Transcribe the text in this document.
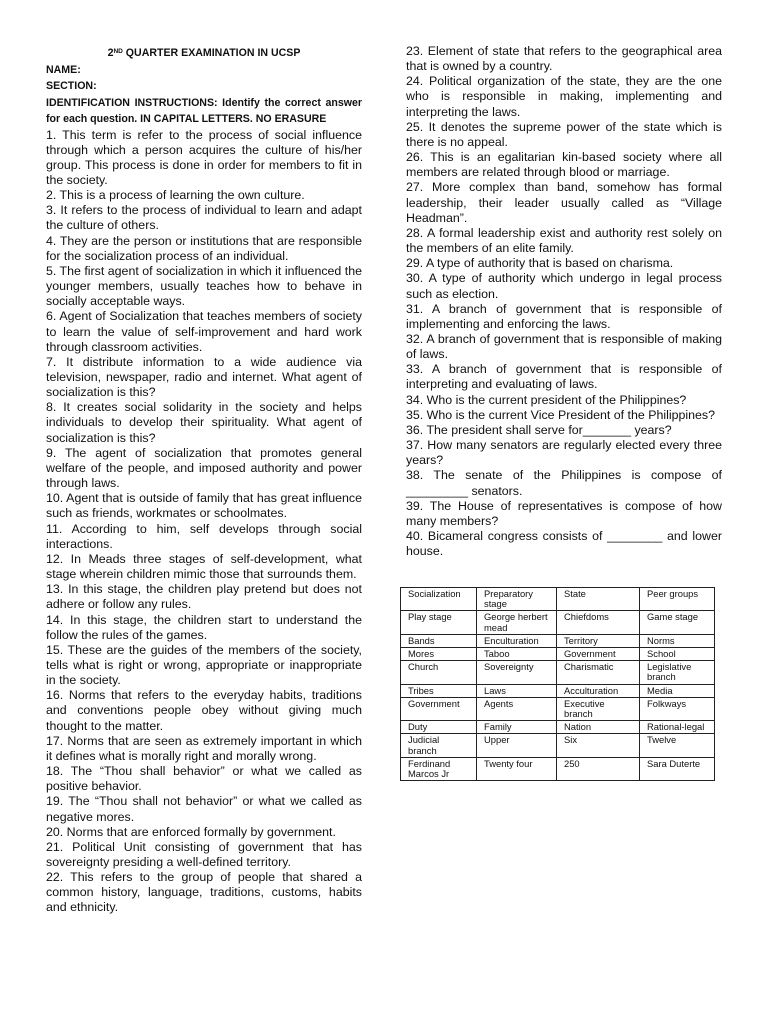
2ND QUARTER EXAMINATION IN UCSP
NAME:
SECTION:
IDENTIFICATION INSTRUCTIONS: Identify the correct answer for each question. IN CAPITAL LETTERS. NO ERASURE

1. This term is refer to the process of social influence through which a person acquires the culture of his/her group. This process is done in order for members to fit in the society.

2. This is a process of learning the own culture.

3. It refers to the process of individual to learn and adapt the culture of others.

4. They are the person or institutions that are responsible for the socialization process of an individual.

5. The first agent of socialization in which it influenced the younger members, usually teaches how to behave in socially acceptable ways.

6. Agent of Socialization that teaches members of society to learn the value of self-improvement and hard work through classroom activities.

7. It distribute information to a wide audience via television, newspaper, radio and internet. What agent of socialization is this?

8. It creates social solidarity in the society and helps individuals to develop their spirituality. What agent of socialization is this?

9. The agent of socialization that promotes general welfare of the people, and imposed authority and power through laws.

10. Agent that is outside of family that has great influence such as friends, workmates or schoolmates.

11. According to him, self develops through social interactions.

12. In Meads three stages of self-development, what stage wherein children mimic those that surrounds them.

13. In this stage, the children play pretend but does not adhere or follow any rules.

14. In this stage, the children start to understand the follow the rules of the games.

15. These are the guides of the members of the society, tells what is right or wrong, appropriate or inappropriate in the society.

16. Norms that refers to the everyday habits, traditions and conventions people obey without giving much thought to the matter.

17. Norms that are seen as extremely important in which it defines what is morally right and morally wrong.

18. The “Thou shall behavior” or what we called as positive behavior.

19. The “Thou shall not behavior” or what we called as negative mores.

20. Norms that are enforced formally by government.

21. Political Unit consisting of government that has sovereignty presiding a well-defined territory.

22. This refers to the group of people that shared a common history, language, traditions, customs, habits and ethnicity.

23. Element of state that refers to the geographical area that is owned by a country.

24. Political organization of the state, they are the one who is responsible in making, implementing and interpreting the laws.

25. It denotes the supreme power of the state which is there is no appeal.

26. This is an egalitarian kin-based society where all members are related through blood or marriage.

27. More complex than band, somehow has formal leadership, their leader usually called as “Village Headman”.

28. A formal leadership exist and authority rest solely on the members of an elite family.

29. A type of authority that is based on charisma.

30. A type of authority which undergo in legal process such as election.

31. A branch of government that is responsible of implementing and enforcing the laws.

32. A branch of government that is responsible of making of laws.

33. A branch of government that is responsible of interpreting and evaluating of laws.

34. Who is the current president of the Philippines?

35. Who is the current Vice President of the Philippines?

36. The president shall serve for_______ years?

37. How many senators are regularly elected every three years?

38. The senate of the Philippines is compose of _________ senators.

39. The House of representatives is compose of how many members?

40. Bicameral congress consists of ________ and lower house.

Socialization	Preparatory stage	State	Peer groups
Play stage	George herbert mead	Chiefdoms	Game stage
Bands	Enculturation	Territory	Norms
Mores	Taboo	Government	School
Church	Sovereignty	Charismatic	Legislative branch
Tribes	Laws	Acculturation	Media
Government	Agents	Executive branch	Folkways
Duty	Family	Nation	Rational-legal
Judicial branch	Upper	Six	Twelve
Ferdinand Marcos Jr	Twenty four	250	Sara Duterte
